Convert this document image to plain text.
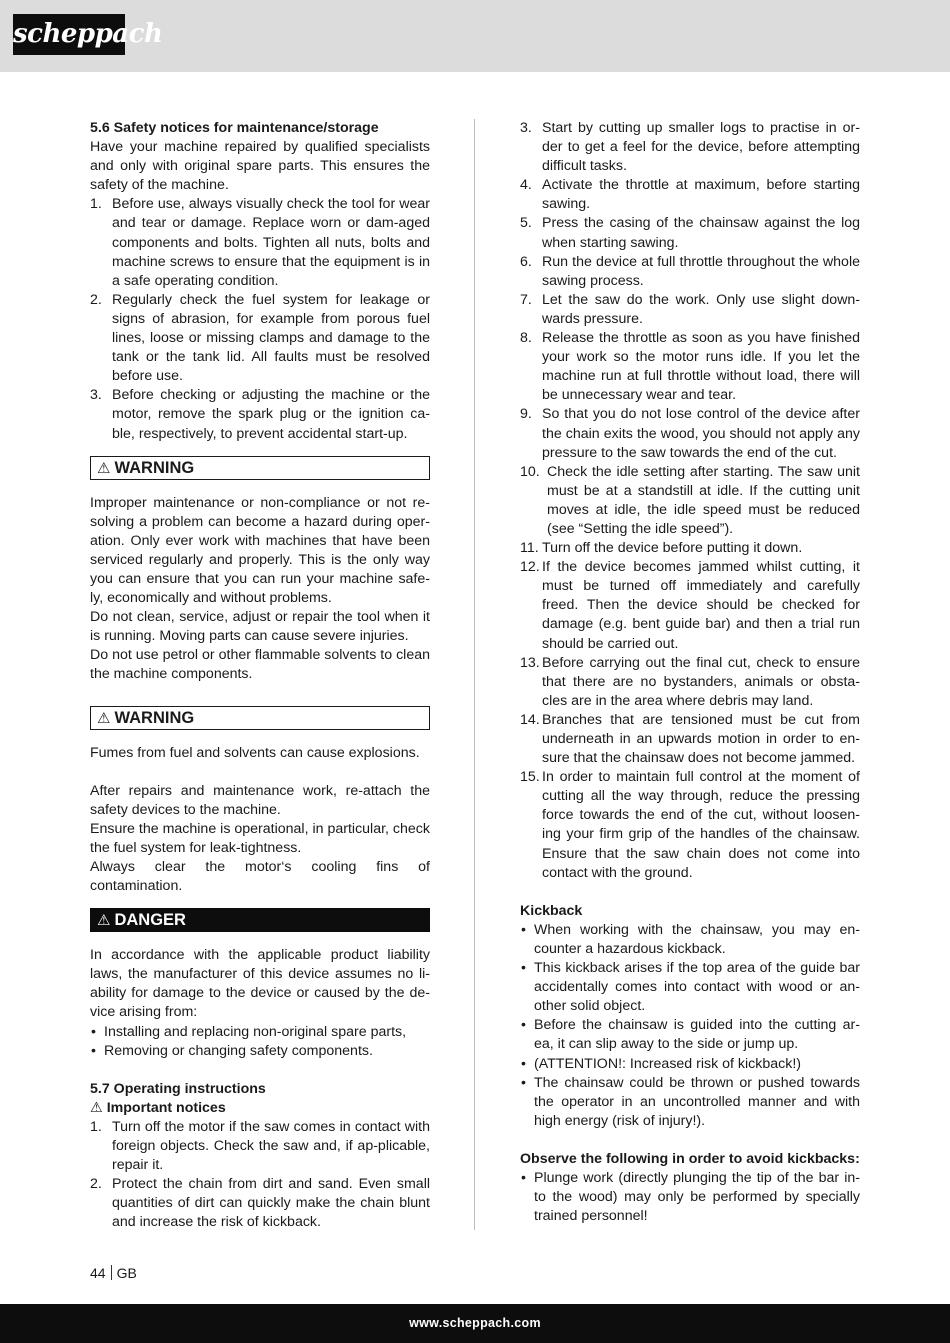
scheppach
5.6 Safety notices for maintenance/storage

Have your machine repaired by qualified specialists and only with original spare parts. This ensures the safety of the machine.

1. Before use, always visually check the tool for wear and tear or damage. Replace worn or dam-aged components and bolts. Tighten all nuts, bolts and machine screws to ensure that the equipment is in a safe operating condition.
2. Regularly check the fuel system for leakage or signs of abrasion, for example from porous fuel lines, loose or missing clamps and damage to the tank or the tank lid. All faults must be resolved before use.
3. Before checking or adjusting the machine or the motor, remove the spark plug or the ignition ca-ble, respectively, to prevent accidental start-up.
⚠ WARNING

Improper maintenance or non-compliance or not re-solving a problem can become a hazard during oper-ation. Only ever work with machines that have been serviced regularly and properly. This is the only way you can ensure that you can run your machine safe-ly, economically and without problems.

Do not clean, service, adjust or repair the tool when it is running. Moving parts can cause severe injuries.

Do not use petrol or other flammable solvents to clean the machine components.

⚠ WARNING

Fumes from fuel and solvents can cause explosions.

After repairs and maintenance work, re-attach the safety devices to the machine.

Ensure the machine is operational, in particular, check the fuel system for leak-tightness.

Always clear the motor‘s cooling fins of contamination.

⚠ DANGER

In accordance with the applicable product liability laws, the manufacturer of this device assumes no li-ability for damage to the device or caused by the de-vice arising from:

• Installing and replacing non-original spare parts,
• Removing or changing safety components.
5.7 Operating instructions
⚠ Important notices
1. Turn off the motor if the saw comes in contact with foreign objects. Check the saw and, if ap-plicable, repair it.
2. Protect the chain from dirt and sand. Even small quantities of dirt can quickly make the chain blunt and increase the risk of kickback.
3. Start by cutting up smaller logs to practise in or-der to get a feel for the device, before attempting difficult tasks.
4. Activate the throttle at maximum, before starting sawing.
5. Press the casing of the chainsaw against the log when starting sawing.
6. Run the device at full throttle throughout the whole sawing process.
7. Let the saw do the work. Only use slight down-wards pressure.
8. Release the throttle as soon as you have finished your work so the motor runs idle. If you let the machine run at full throttle without load, there will be unnecessary wear and tear.
9. So that you do not lose control of the device after the chain exits the wood, you should not apply any pressure to the saw towards the end of the cut.
10. Check the idle setting after starting. The saw unit must be at a standstill at idle. If the cutting unit moves at idle, the idle speed must be reduced (see “Setting the idle speed”).
11. Turn off the device before putting it down.
12. If the device becomes jammed whilst cutting, it must be turned off immediately and carefully freed. Then the device should be checked for damage (e.g. bent guide bar) and then a trial run should be carried out.
13. Before carrying out the final cut, check to ensure that there are no bystanders, animals or obsta-cles are in the area where debris may land.
14. Branches that are tensioned must be cut from underneath in an upwards motion in order to en-sure that the chainsaw does not become jammed.
15. In order to maintain full control at the moment of cutting all the way through, reduce the pressing force towards the end of the cut, without loosen-ing your firm grip of the handles of the chainsaw. Ensure that the saw chain does not come into contact with the ground.
Kickback
• When working with the chainsaw, you may en-counter a hazardous kickback.
• This kickback arises if the top area of the guide bar accidentally comes into contact with wood or an-other solid object.
• Before the chainsaw is guided into the cutting ar-ea, it can slip away to the side or jump up.
• (ATTENTION!: Increased risk of kickback!)
• The chainsaw could be thrown or pushed towards the operator in an uncontrolled manner and with high energy (risk of injury!).
Observe the following in order to avoid kickbacks:
• Plunge work (directly plunging the tip of the bar in-to the wood) may only be performed by specially trained personnel!
44 GB
www.scheppach.com
